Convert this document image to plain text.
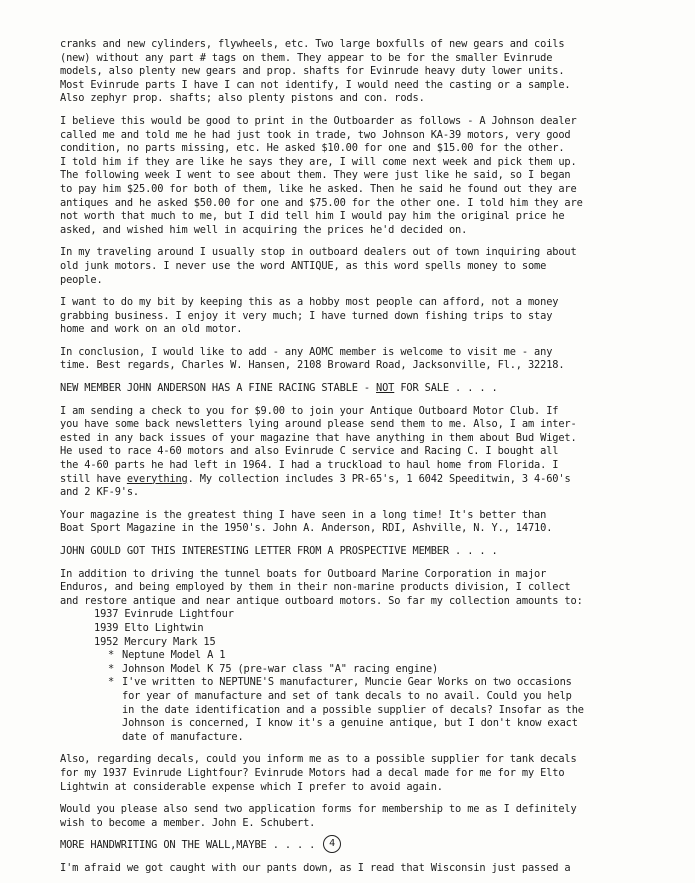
cranks and new cylinders, flywheels, etc. Two large boxfulls of new gears and coils
(new) without any part # tags on them. They appear to be for the smaller Evinrude
models, also plenty new gears and prop. shafts for Evinrude heavy duty lower units.
Most Evinrude parts I have I can not identify, I would need the casting or a sample.
Also zephyr prop. shafts; also plenty pistons and con. rods.

I believe this would be good to print in the Outboarder as follows - A Johnson dealer
called me and told me he had just took in trade, two Johnson KA-39 motors, very good
condition, no parts missing, etc. He asked $10.00 for one and $15.00 for the other.
I told him if they are like he says they are, I will come next week and pick them up.
The following week I went to see about them. They were just like he said, so I began
to pay him $25.00 for both of them, like he asked. Then he said he found out they are
antiques and he asked $50.00 for one and $75.00 for the other one. I told him they are
not worth that much to me, but I did tell him I would pay him the original price he
asked, and wished him well in acquiring the prices he'd decided on.

In my traveling around I usually stop in outboard dealers out of town inquiring about
old junk motors. I never use the word ANTIQUE, as this word spells money to some
people.

I want to do my bit by keeping this as a hobby most people can afford, not a money
grabbing business. I enjoy it very much; I have turned down fishing trips to stay
home and work on an old motor.

In conclusion, I would like to add - any AOMC member is welcome to visit me - any
time. Best regards, Charles W. Hansen, 2108 Broward Road, Jacksonville, Fl., 32218.

NEW MEMBER JOHN ANDERSON HAS A FINE RACING STABLE - NOT FOR SALE . . . .

I am sending a check to you for $9.00 to join your Antique Outboard Motor Club. If
you have some back newsletters lying around please send them to me. Also, I am inter-
ested in any back issues of your magazine that have anything in them about Bud Wiget.
He used to race 4-60 motors and also Evinrude C service and Racing C. I bought all
the 4-60 parts he had left in 1964. I had a truckload to haul home from Florida. I
still have everything. My collection includes 3 PR-65's, 1 6042 Speeditwin, 3 4-60's
and 2 KF-9's.

Your magazine is the greatest thing I have seen in a long time! It's better than
Boat Sport Magazine in the 1950's. John A. Anderson, RDI, Ashville, N. Y., 14710.

JOHN GOULD GOT THIS INTERESTING LETTER FROM A PROSPECTIVE MEMBER . . . .

In addition to driving the tunnel boats for Outboard Marine Corporation in major
Enduros, and being employed by them in their non-marine products division, I collect
and restore antique and near antique outboard motors. So far my collection amounts to:

1937 Evinrude Lightfour
1939 Elto Lightwin
1952 Mercury Mark 15
* Neptune Model A 1
* Johnson Model K 75 (pre-war class "A" racing engine)
* I've written to NEPTUNE'S manufacturer, Muncie Gear Works on two occasions
for year of manufacture and set of tank decals to no avail. Could you help
in the date identification and a possible supplier of decals? Insofar as the
Johnson is concerned, I know it's a genuine antique, but I don't know exact
date of manufacture.

Also, regarding decals, could you inform me as to a possible supplier for tank decals
for my 1937 Evinrude Lightfour? Evinrude Motors had a decal made for me for my Elto
Lightwin at considerable expense which I prefer to avoid again.

Would you please also send two application forms for membership to me as I definitely
wish to become a member. John E. Schubert.

MORE HANDWRITING ON THE WALL,MAYBE . . . .

I'm afraid we got caught with our pants down, as I read that Wisconsin just passed a

4
